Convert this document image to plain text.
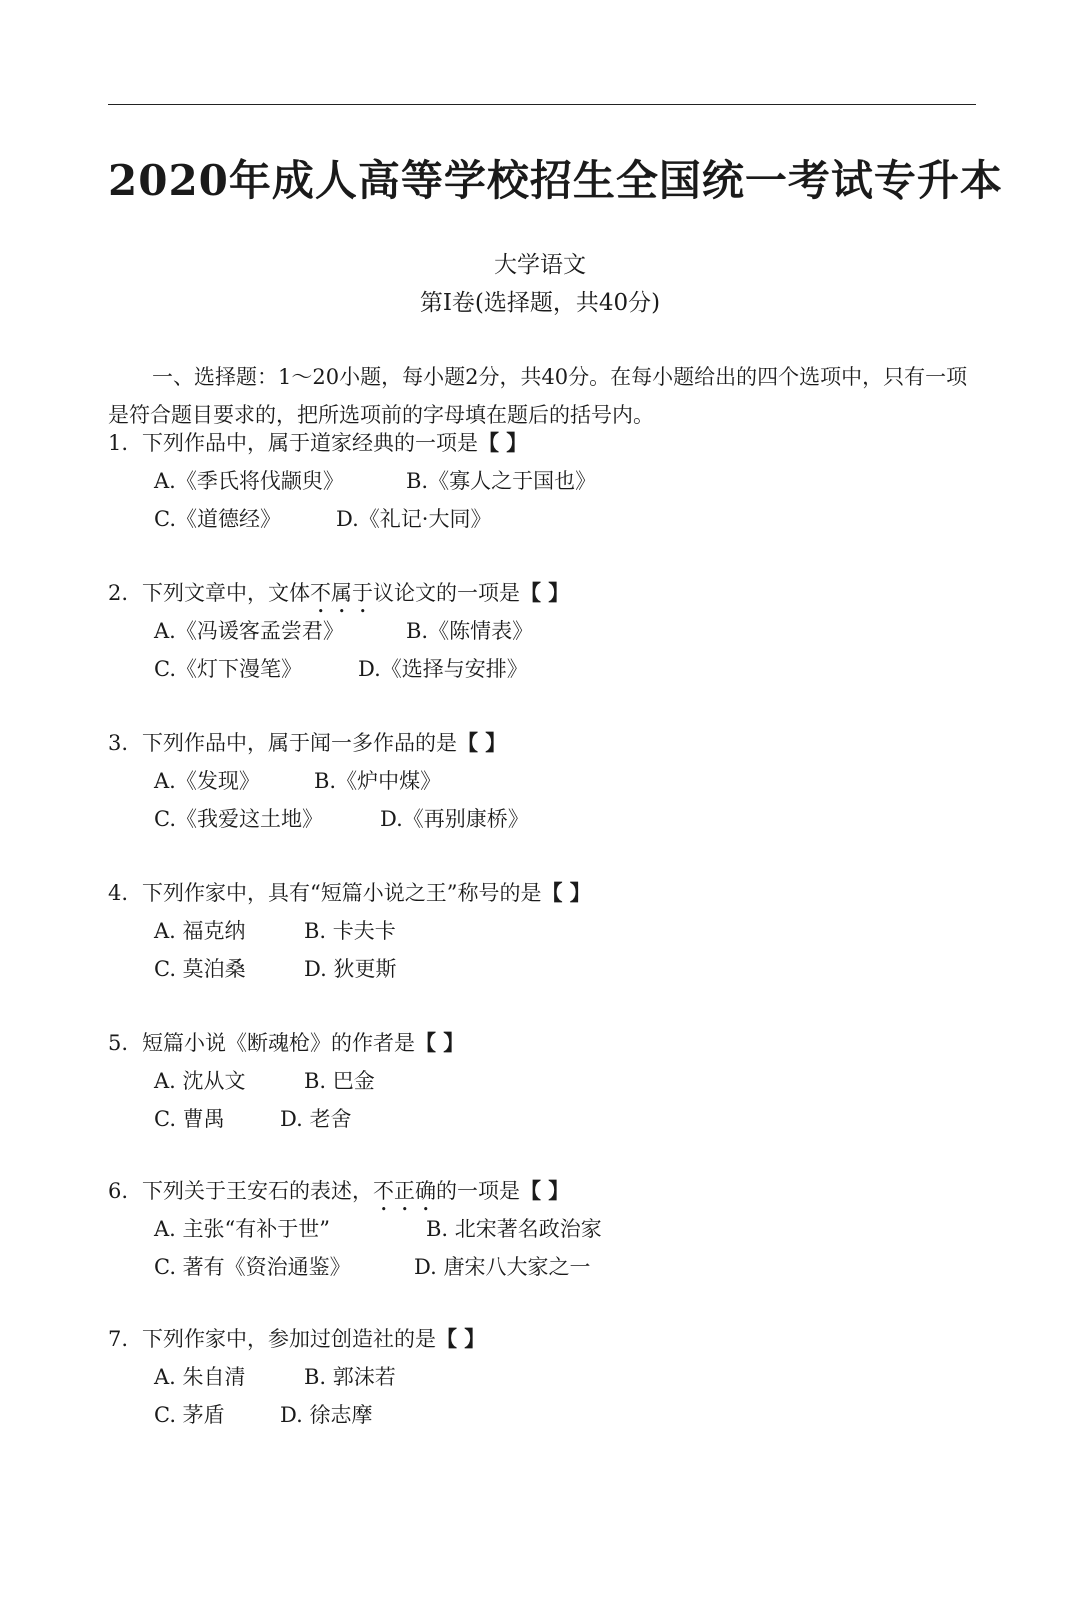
2020年成人高等学校招生全国统一考试专升本
大学语文
第Ⅰ卷(选择题，共40分)

一、选择题：1～20小题，每小题2分，共40分。在每小题给出的四个选项中，只有一项是符合题目要求的，把所选项前的字母填在题后的括号内。

1. 下列作品中，属于道家经典的一项是【 】
A.《季氏将伐颛臾》	B.《寡人之于国也》
C.《道德经》	D.《礼记·大同》
2. 下列文章中，文体不属于议论文的一项是【 】
A.《冯谖客孟尝君》	B.《陈情表》
C.《灯下漫笔》	D.《选择与安排》
3. 下列作品中，属于闻一多作品的是【 】
A.《发现》	B.《炉中煤》
C.《我爱这土地》	D.《再别康桥》
4. 下列作家中，具有“短篇小说之王”称号的是【 】
A. 福克纳	B. 卡夫卡
C. 莫泊桑	D. 狄更斯
5. 短篇小说《断魂枪》的作者是【 】
A. 沈从文	B. 巴金
C. 曹禺	D. 老舍
6. 下列关于王安石的表述，不正确的一项是【 】
A. 主张“有补于世”	B. 北宋著名政治家
C. 著有《资治通鉴》	D. 唐宋八大家之一
7. 下列作家中，参加过创造社的是【 】
A. 朱自清	B. 郭沫若
C. 茅盾	D. 徐志摩
